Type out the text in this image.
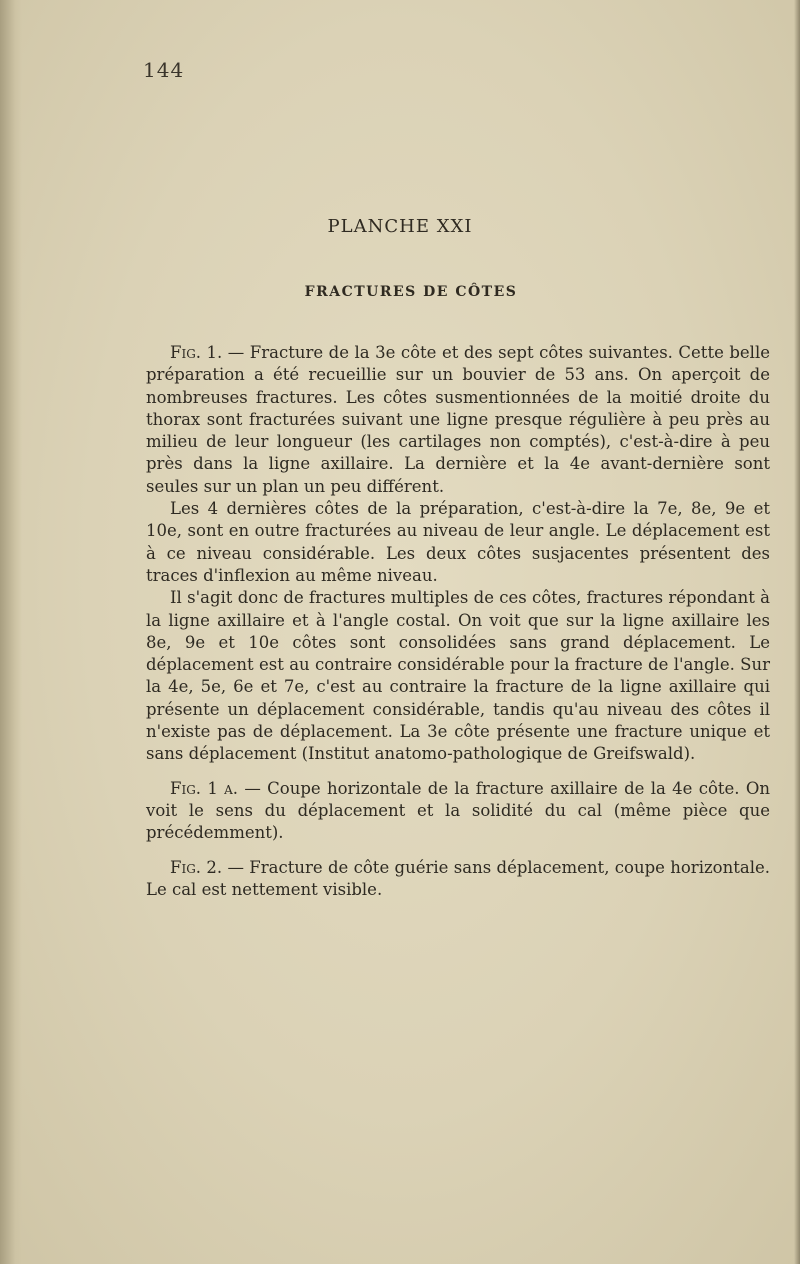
144
PLANCHE XXI
FRACTURES DE CÔTES

Fig. 1. — Fracture de la 3e côte et des sept côtes suivantes. Cette belle préparation a été recueillie sur un bouvier de 53 ans. On aperçoit de nombreuses fractures. Les côtes susmentionnées de la moitié droite du thorax sont fracturées suivant une ligne presque régulière à peu près au milieu de leur longueur (les cartilages non comptés), c'est-à-dire à peu près dans la ligne axillaire. La dernière et la 4e avant-dernière sont seules sur un plan un peu différent.

Les 4 dernières côtes de la préparation, c'est-à-dire la 7e, 8e, 9e et 10e, sont en outre fracturées au niveau de leur angle. Le déplacement est à ce niveau considérable. Les deux côtes susjacentes présentent des traces d'inflexion au même niveau.

Il s'agit donc de fractures multiples de ces côtes, fractures répondant à la ligne axillaire et à l'angle costal. On voit que sur la ligne axillaire les 8e, 9e et 10e côtes sont consolidées sans grand déplacement. Le déplacement est au contraire considérable pour la fracture de l'angle. Sur la 4e, 5e, 6e et 7e, c'est au contraire la fracture de la ligne axillaire qui présente un déplacement considérable, tandis qu'au niveau des côtes il n'existe pas de déplacement. La 3e côte présente une fracture unique et sans déplacement (Institut anatomo-pathologique de Greifswald).

Fig. 1 a. — Coupe horizontale de la fracture axillaire de la 4e côte. On voit le sens du déplacement et la solidité du cal (même pièce que précédemment).

Fig. 2. — Fracture de côte guérie sans déplacement, coupe horizontale. Le cal est nettement visible.
